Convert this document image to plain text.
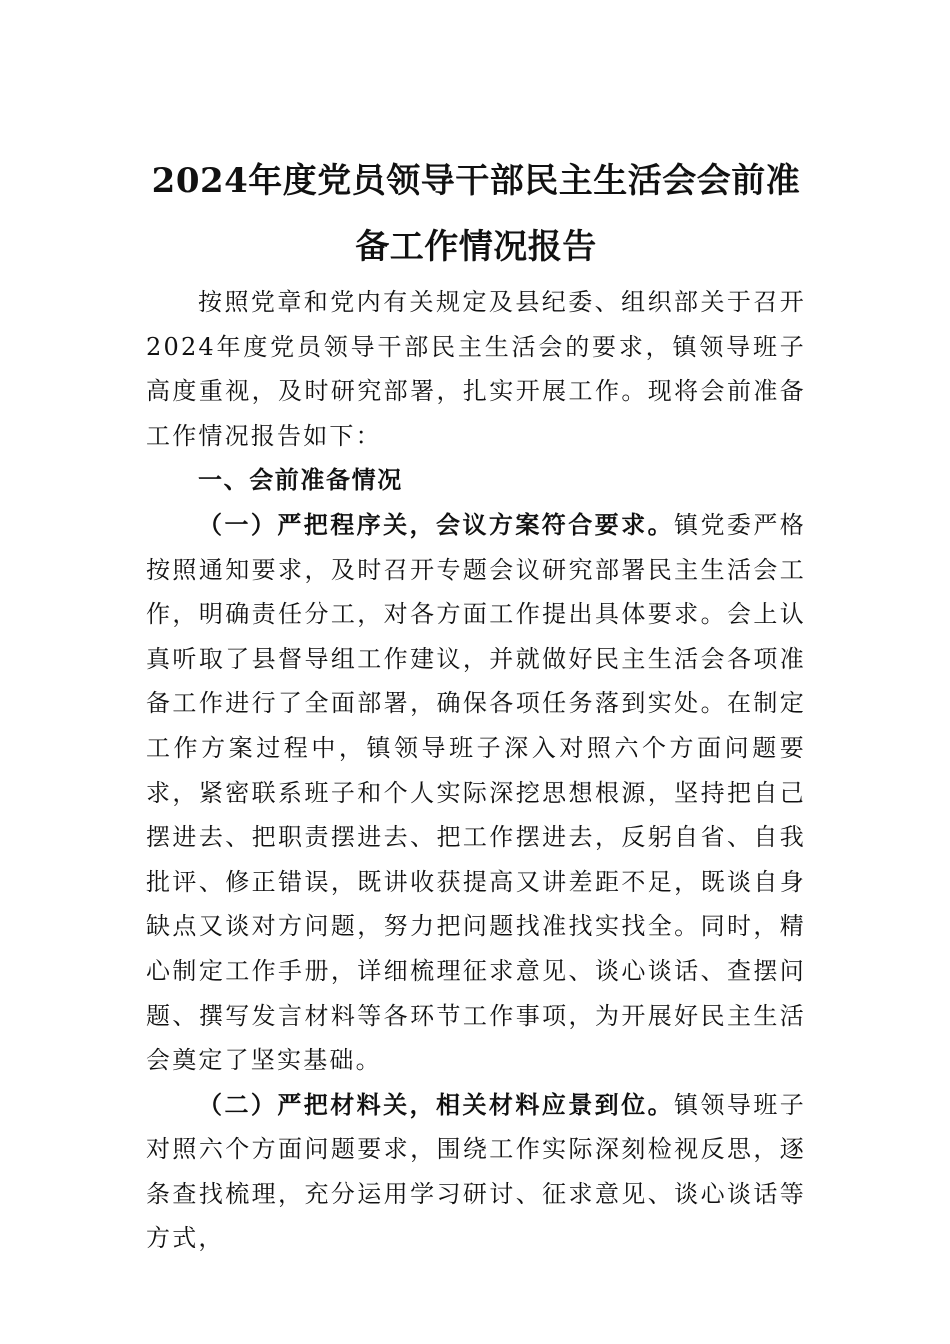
2024年度党员领导干部民主生活会会前准
备工作情况报告

按照党章和党内有关规定及县纪委、组织部关于召开2024年度党员领导干部民主生活会的要求，镇领导班子高度重视，及时研究部署，扎实开展工作。现将会前准备工作情况报告如下：

一、会前准备情况

（一）严把程序关，会议方案符合要求。镇党委严格按照通知要求，及时召开专题会议研究部署民主生活会工作，明确责任分工，对各方面工作提出具体要求。会上认真听取了县督导组工作建议，并就做好民主生活会各项准备工作进行了全面部署，确保各项任务落到实处。在制定工作方案过程中，镇领导班子深入对照六个方面问题要求，紧密联系班子和个人实际深挖思想根源，坚持把自己摆进去、把职责摆进去、把工作摆进去，反躬自省、自我批评、修正错误，既讲收获提高又讲差距不足，既谈自身缺点又谈对方问题，努力把问题找准找实找全。同时，精心制定工作手册，详细梳理征求意见、谈心谈话、查摆问题、撰写发言材料等各环节工作事项，为开展好民主生活会奠定了坚实基础。

（二）严把材料关，相关材料应景到位。镇领导班子对照六个方面问题要求，围绕工作实际深刻检视反思，逐条查找梳理，充分运用学习研讨、征求意见、谈心谈话等方式，
